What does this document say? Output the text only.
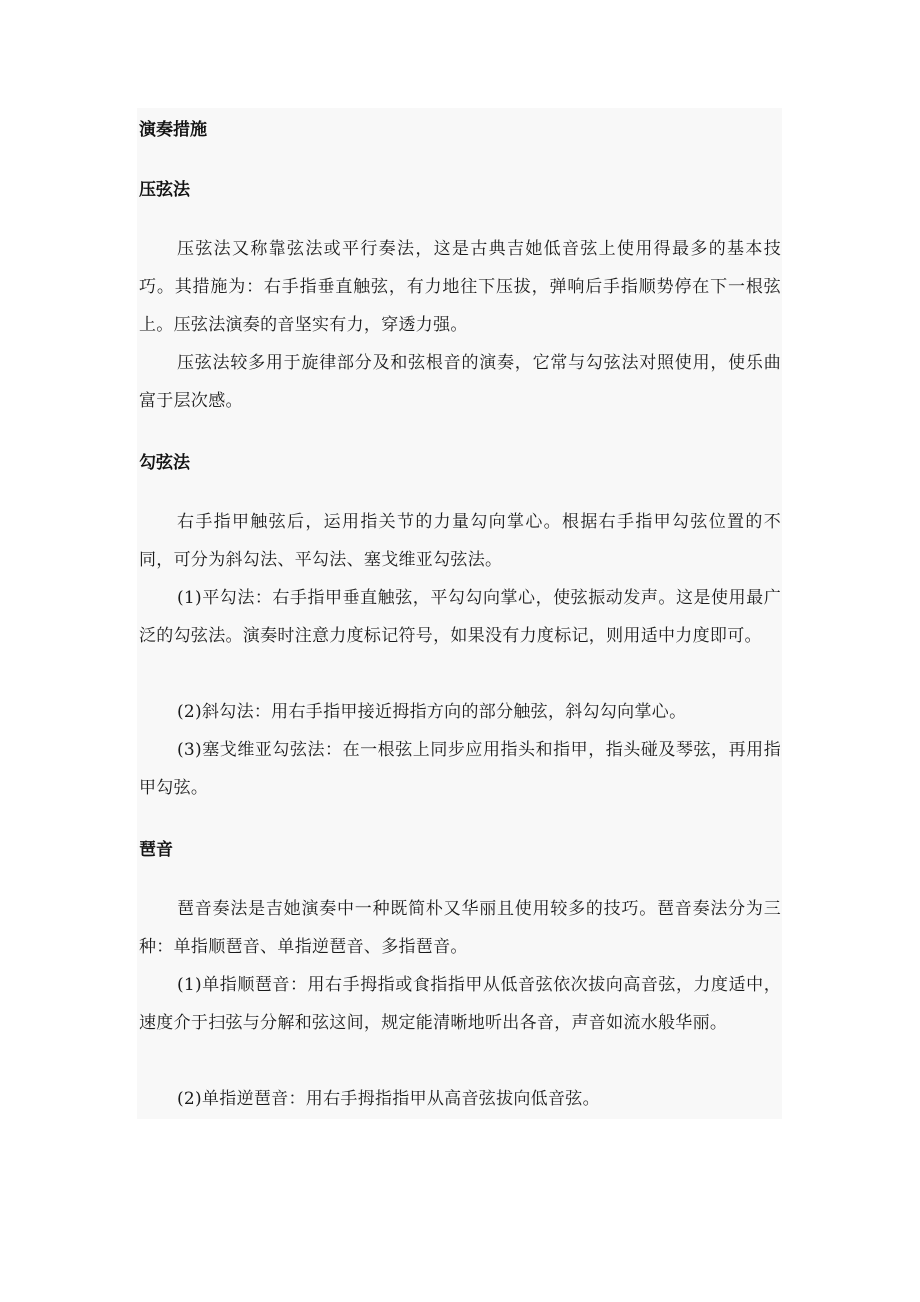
演奏措施
压弦法

压弦法又称靠弦法或平行奏法，这是古典吉她低音弦上使用得最多的基本技巧。其措施为：右手指垂直触弦，有力地往下压拔，弹响后手指顺势停在下一根弦上。压弦法演奏的音坚实有力，穿透力强。

压弦法较多用于旋律部分及和弦根音的演奏，它常与勾弦法对照使用，使乐曲富于层次感。

勾弦法

右手指甲触弦后，运用指关节的力量勾向掌心。根据右手指甲勾弦位置的不同，可分为斜勾法、平勾法、塞戈维亚勾弦法。

(1)平勾法：右手指甲垂直触弦，平勾勾向掌心，使弦振动发声。这是使用最广泛的勾弦法。演奏时注意力度标记符号，如果没有力度标记，则用适中力度即可。

(2)斜勾法：用右手指甲接近拇指方向的部分触弦，斜勾勾向掌心。

(3)塞戈维亚勾弦法：在一根弦上同步应用指头和指甲，指头碰及琴弦，再用指甲勾弦。

琶音

琶音奏法是吉她演奏中一种既简朴又华丽且使用较多的技巧。琶音奏法分为三种：单指顺琶音、单指逆琶音、多指琶音。

(1)单指顺琶音：用右手拇指或食指指甲从低音弦依次拔向高音弦，力度适中，速度介于扫弦与分解和弦这间，规定能清晰地听出各音，声音如流水般华丽。

(2)单指逆琶音：用右手拇指指甲从高音弦拔向低音弦。
